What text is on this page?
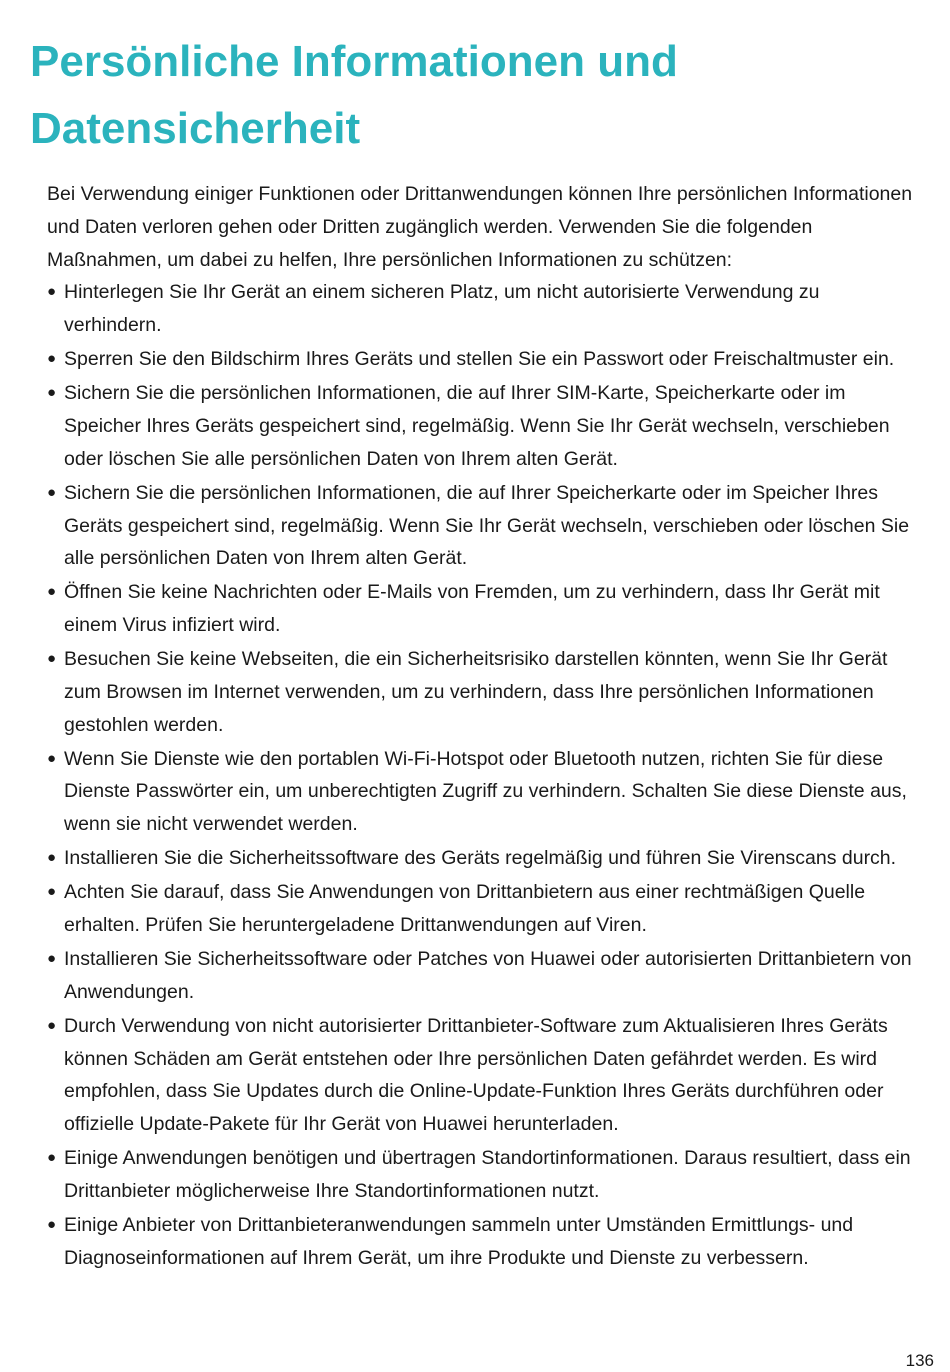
Persönliche Informationen und Datensicherheit

Bei Verwendung einiger Funktionen oder Drittanwendungen können Ihre persönlichen Informationen und Daten verloren gehen oder Dritten zugänglich werden. Verwenden Sie die folgenden Maßnahmen, um dabei zu helfen, Ihre persönlichen Informationen zu schützen:

● Hinterlegen Sie Ihr Gerät an einem sicheren Platz, um nicht autorisierte Verwendung zu verhindern.
● Sperren Sie den Bildschirm Ihres Geräts und stellen Sie ein Passwort oder Freischaltmuster ein.
● Sichern Sie die persönlichen Informationen, die auf Ihrer SIM-Karte, Speicherkarte oder im Speicher Ihres Geräts gespeichert sind, regelmäßig. Wenn Sie Ihr Gerät wechseln, verschieben oder löschen Sie alle persönlichen Daten von Ihrem alten Gerät.
● Sichern Sie die persönlichen Informationen, die auf Ihrer Speicherkarte oder im Speicher Ihres Geräts gespeichert sind, regelmäßig. Wenn Sie Ihr Gerät wechseln, verschieben oder löschen Sie alle persönlichen Daten von Ihrem alten Gerät.
● Öffnen Sie keine Nachrichten oder E-Mails von Fremden, um zu verhindern, dass Ihr Gerät mit einem Virus infiziert wird.
● Besuchen Sie keine Webseiten, die ein Sicherheitsrisiko darstellen könnten, wenn Sie Ihr Gerät zum Browsen im Internet verwenden, um zu verhindern, dass Ihre persönlichen Informationen gestohlen werden.
● Wenn Sie Dienste wie den portablen Wi-Fi-Hotspot oder Bluetooth nutzen, richten Sie für diese Dienste Passwörter ein, um unberechtigten Zugriff zu verhindern. Schalten Sie diese Dienste aus, wenn sie nicht verwendet werden.
● Installieren Sie die Sicherheitssoftware des Geräts regelmäßig und führen Sie Virenscans durch.
● Achten Sie darauf, dass Sie Anwendungen von Drittanbietern aus einer rechtmäßigen Quelle erhalten. Prüfen Sie heruntergeladene Drittanwendungen auf Viren.
● Installieren Sie Sicherheitssoftware oder Patches von Huawei oder autorisierten Drittanbietern von Anwendungen.
● Durch Verwendung von nicht autorisierter Drittanbieter-Software zum Aktualisieren Ihres Geräts können Schäden am Gerät entstehen oder Ihre persönlichen Daten gefährdet werden. Es wird empfohlen, dass Sie Updates durch die Online-Update-Funktion Ihres Geräts durchführen oder offizielle Update-Pakete für Ihr Gerät von Huawei herunterladen.
● Einige Anwendungen benötigen und übertragen Standortinformationen. Daraus resultiert, dass ein Drittanbieter möglicherweise Ihre Standortinformationen nutzt.
● Einige Anbieter von Drittanbieteranwendungen sammeln unter Umständen Ermittlungs- und Diagnoseinformationen auf Ihrem Gerät, um ihre Produkte und Dienste zu verbessern.
136
